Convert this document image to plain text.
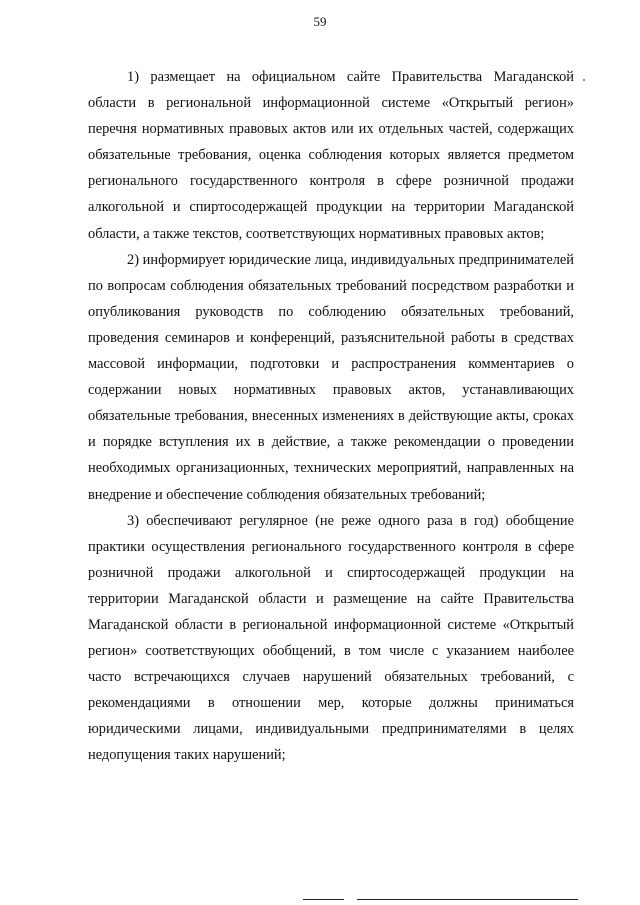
59

1) размещает на официальном сайте Правительства Магаданской области в региональной информационной системе «Открытый регион» перечня нормативных правовых актов или их отдельных частей, содержащих обязательные требования, оценка соблюдения которых является предметом регионального государственного контроля в сфере розничной продажи алкогольной и спиртосодержащей продукции на территории Магаданской области, а также текстов, соответствующих нормативных правовых актов;

2) информирует юридические лица, индивидуальных предпринимателей по вопросам соблюдения обязательных требований посредством разработки и опубликования руководств по соблюдению обязательных требований, проведения семинаров и конференций, разъяснительной работы в средствах массовой информации, подготовки и распространения комментариев о содержании новых нормативных правовых актов, устанавливающих обязательные требования, внесенных изменениях в действующие акты, сроках и порядке вступления их в действие, а также рекомендации о проведении необходимых организационных, технических мероприятий, направленных на внедрение и обеспечение соблюдения обязательных требований;

3) обеспечивают регулярное (не реже одного раза в год) обобщение практики осуществления регионального государственного контроля в сфере розничной продажи алкогольной и спиртосодержащей продукции на территории Магаданской области и размещение на сайте Правительства Магаданской области в региональной информационной системе «Открытый регион» соответствующих обобщений, в том числе с указанием наиболее часто встречающихся случаев нарушений обязательных требований, с рекомендациями в отношении мер, которые должны приниматься юридическими лицами, индивидуальными предпринимателями в целях недопущения таких нарушений;
